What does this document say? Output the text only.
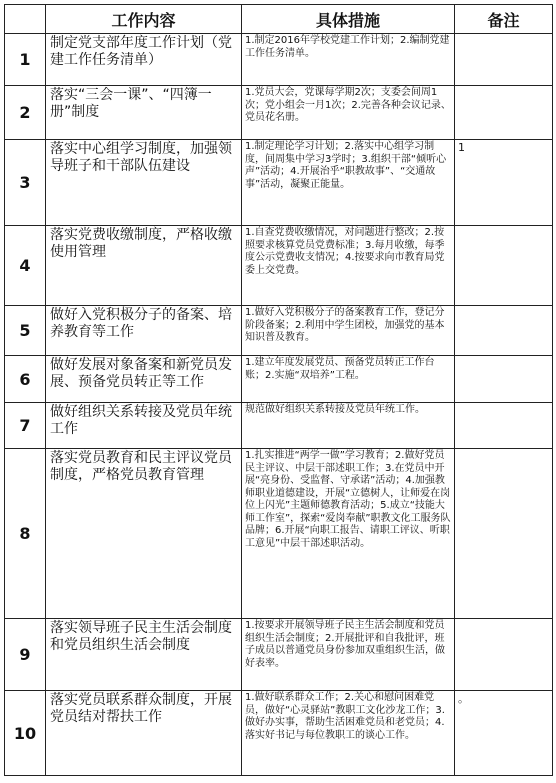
	工作内容	具体措施	备注
1	制定党支部年度工作计划（党建工作任务清单）	1.制定2016年学校党建工作计划；2.编制党建工作任务清单。	
2	落实“三会一课”、“四簿一册”制度	1.党员大会，党课每学期2次；支委会间周1次；党小组会一月1次；2.完善各种会议记录、党员花名册。	
3	落实中心组学习制度，加强领导班子和干部队伍建设	1.制定理论学习计划；2.落实中心组学习制度，间周集中学习3学时；3.组织干部“倾听心声”活动；4.开展治乎“职教故事”、“交通故事”活动，凝聚正能量。	1
4	落实党费收缴制度，严格收缴使用管理	1.自查党费收缴情况，对问题进行整改；2.按照要求核算党员党费标准；3.每月收缴，每季度公示党费收支情况；4.按要求向市教育局党委上交党费。	
5	做好入党积极分子的备案、培养教育等工作	1.做好入党积极分子的备案教育工作，登记分阶段备案；2.利用中学生团校，加强党的基本知识普及教育。	
6	做好发展对象备案和新党员发展、预备党员转正等工作	1.建立年度发展党员、预备党员转正工作台账；2.实施“双培养”工程。	
7	做好组织关系转接及党员年统工作	规范做好组织关系转接及党员年统工作。	
8	落实党员教育和民主评议党员制度，严格党员教育管理	1.扎实推进“两学一做”学习教育；2.做好党员民主评议、中层干部述职工作；3.在党员中开展“亮身份、受监督、守承诺”活动；4.加强教师职业道德建设，开展“立德树人，让师爱在岗位上闪光”主题师德教育活动；5.成立“技能大师工作室”，探索“爱岗奉献”职教文化工服务队品牌；6.开展“向职工报告、请职工评议、听职工意见”中层干部述职活动。	
9	落实领导班子民主生活会制度和党员组织生活会制度	1.按要求开展领导班子民主生活会制度和党员组织生活会制度；2.开展批评和自我批评，班子成员以普通党员身份参加双重组织生活，做好表率。	
10	落实党员联系群众制度，开展党员结对帮扶工作	1.做好联系群众工作；2.关心和慰问困难党员，做好“心灵驿站”教职工文化沙龙工作；3.做好办实事，帮助生活困难党员和老党员；4.落实好书记与每位教职工的谈心工作。	。
